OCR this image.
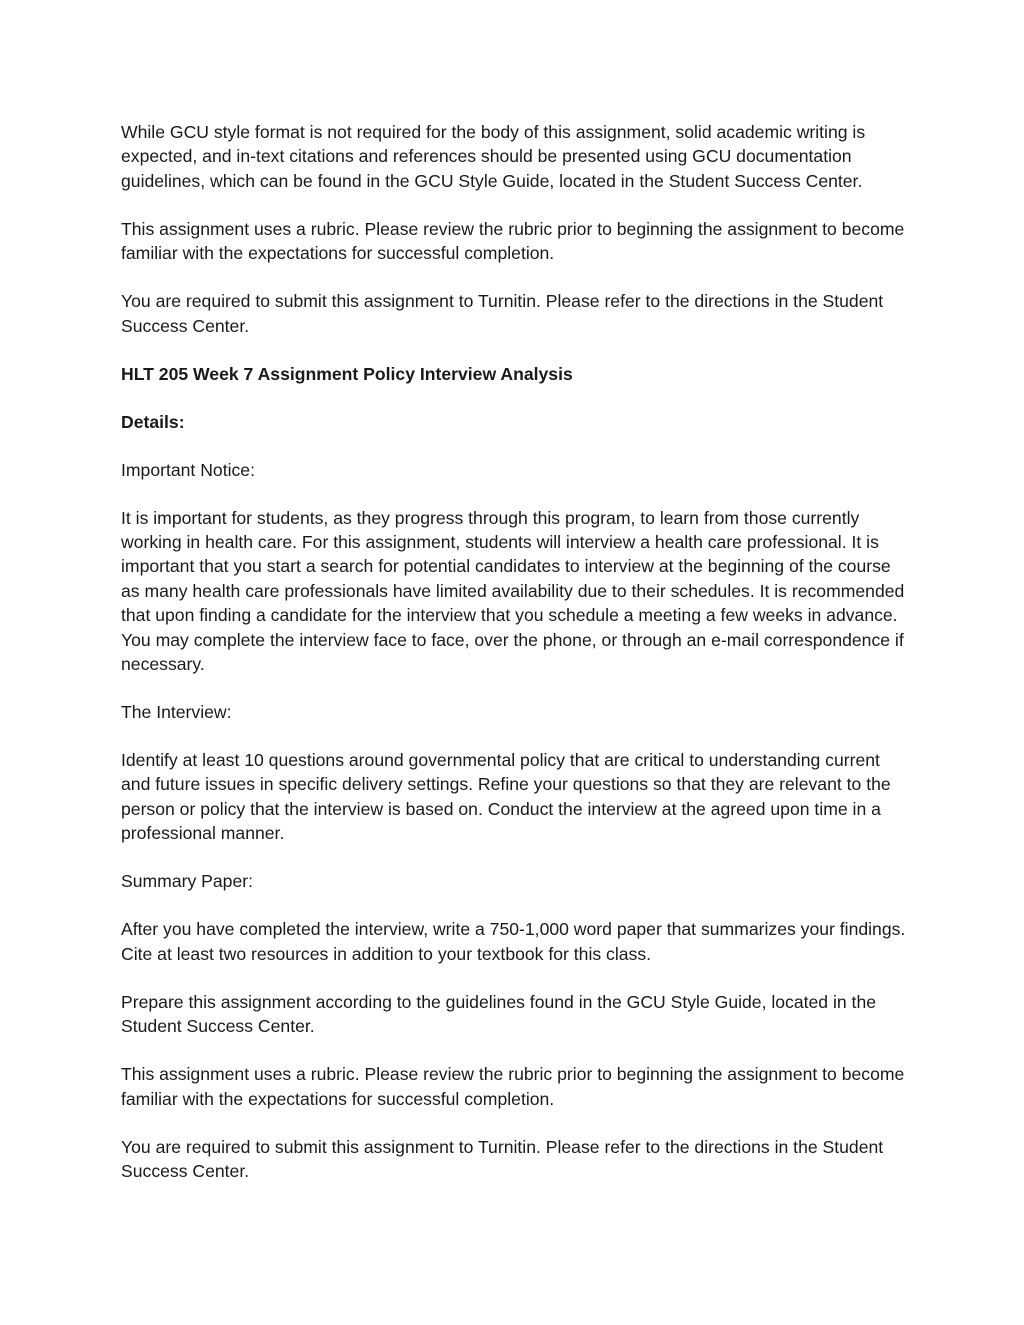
While GCU style format is not required for the body of this assignment, solid academic writing is expected, and in-text citations and references should be presented using GCU documentation guidelines, which can be found in the GCU Style Guide, located in the Student Success Center.

This assignment uses a rubric. Please review the rubric prior to beginning the assignment to become familiar with the expectations for successful completion.

You are required to submit this assignment to Turnitin. Please refer to the directions in the Student Success Center.

HLT 205 Week 7 Assignment Policy Interview Analysis

Details:

Important Notice:

It is important for students, as they progress through this program, to learn from those currently working in health care. For this assignment, students will interview a health care professional. It is important that you start a search for potential candidates to interview at the beginning of the course as many health care professionals have limited availability due to their schedules. It is recommended that upon finding a candidate for the interview that you schedule a meeting a few weeks in advance. You may complete the interview face to face, over the phone, or through an e-mail correspondence if necessary.

The Interview:

Identify at least 10 questions around governmental policy that are critical to understanding current and future issues in specific delivery settings. Refine your questions so that they are relevant to the person or policy that the interview is based on. Conduct the interview at the agreed upon time in a professional manner.

Summary Paper:

After you have completed the interview, write a 750-1,000 word paper that summarizes your findings. Cite at least two resources in addition to your textbook for this class.

Prepare this assignment according to the guidelines found in the GCU Style Guide, located in the Student Success Center.

This assignment uses a rubric. Please review the rubric prior to beginning the assignment to become familiar with the expectations for successful completion.

You are required to submit this assignment to Turnitin. Please refer to the directions in the Student Success Center.
